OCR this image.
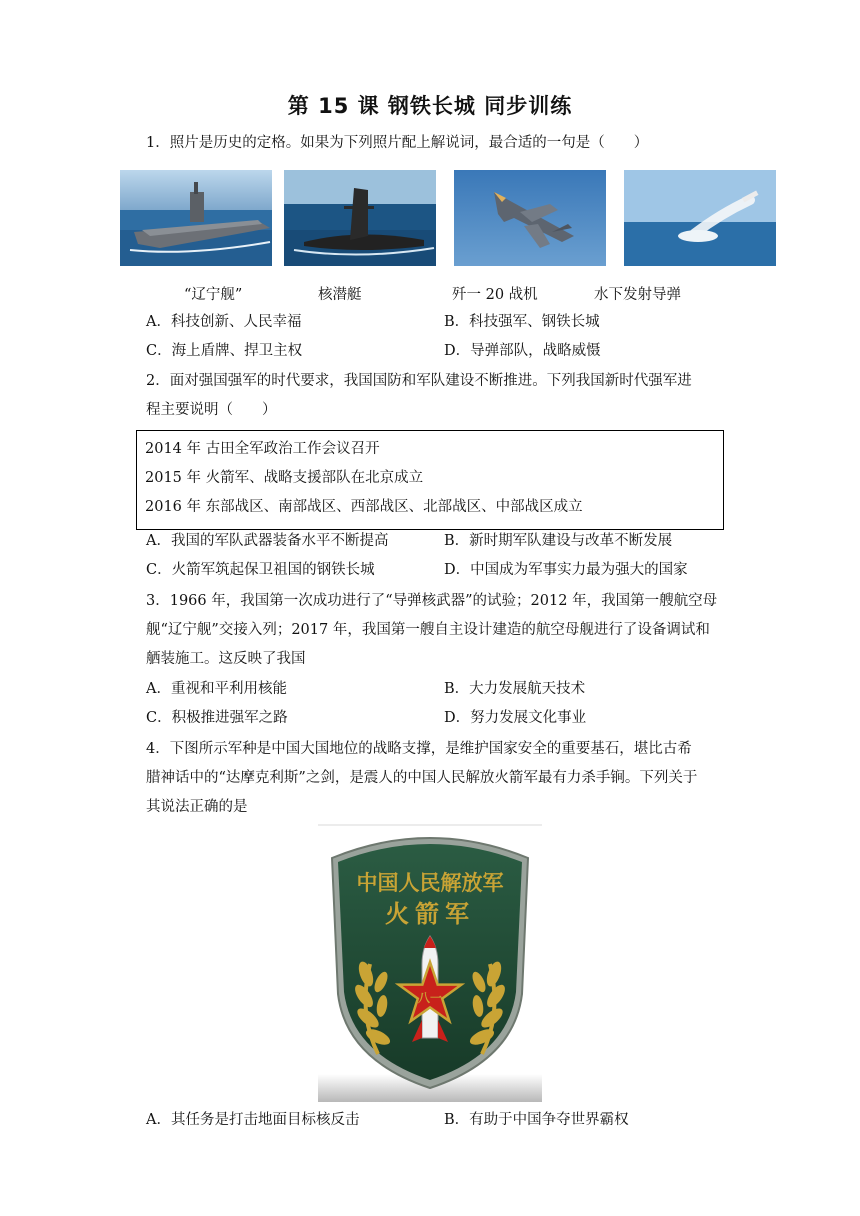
第 15 课 钢铁长城 同步训练
1．照片是历史的定格。如果为下列照片配上解说词，最合适的一句是（　　）
“辽宁舰”	核潜艇	歼一 20 战机	水下发射导弹
A．科技创新、人民幸福	B．科技强军、钢铁长城
C．海上盾牌、捍卫主权	D．导弹部队，战略威慑
2．面对强国强军的时代要求，我国国防和军队建设不断推进。下列我国新时代强军进
程主要说明（　　）
2014 年 古田全军政治工作会议召开
2015 年 火箭军、战略支援部队在北京成立
2016 年 东部战区、南部战区、西部战区、北部战区、中部战区成立
A．我国的军队武器装备水平不断提高	B．新时期军队建设与改革不断发展
C．火箭军筑起保卫祖国的钢铁长城	D．中国成为军事实力最为强大的国家
3．1966 年，我国第一次成功进行了“导弹核武器”的试验；2012 年，我国第一艘航空母
舰“辽宁舰”交接入列；2017 年，我国第一艘自主设计建造的航空母舰进行了设备调试和
舾装施工。这反映了我国
A．重视和平利用核能	B．大力发展航天技术
C．积极推进强军之路	D．努力发展文化事业
4．下图所示军种是中国大国地位的战略支撑，是维护国家安全的重要基石，堪比古希
腊神话中的“达摩克利斯”之剑，是震人的中国人民解放火箭军最有力杀手锏。下列关于
其说法正确的是
中国人民解放军
火箭军
八一
A．其任务是打击地面目标核反击	B．有助于中国争夺世界霸权
